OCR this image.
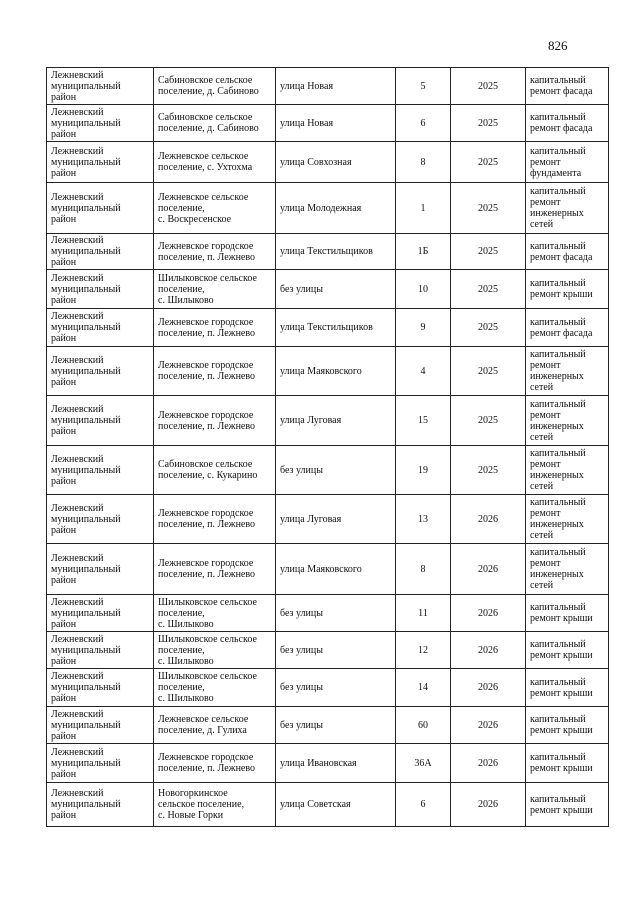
826
Лежневский
муниципальный
район	Сабиновское сельское
поселение, д. Сабиново	улица Новая	5	2025	капитальный
ремонт фасада
Лежневский
муниципальный
район	Сабиновское сельское
поселение, д. Сабиново	улица Новая	6	2025	капитальный
ремонт фасада
Лежневский
муниципальный
район	Лежневское сельское
поселение, с. Ухтохма	улица Совхозная	8	2025	капитальный
ремонт
фундамента
Лежневский
муниципальный
район	Лежневское сельское
поселение,
с. Воскресенское	улица Молодежная	1	2025	капитальный
ремонт
инженерных
сетей
Лежневский
муниципальный
район	Лежневское городское
поселение, п. Лежнево	улица Текстильщиков	1Б	2025	капитальный
ремонт фасада
Лежневский
муниципальный
район	Шилыковское сельское
поселение,
с. Шилыково	без улицы	10	2025	капитальный
ремонт крыши
Лежневский
муниципальный
район	Лежневское городское
поселение, п. Лежнево	улица Текстильщиков	9	2025	капитальный
ремонт фасада
Лежневский
муниципальный
район	Лежневское городское
поселение, п. Лежнево	улица Маяковского	4	2025	капитальный
ремонт
инженерных
сетей
Лежневский
муниципальный
район	Лежневское городское
поселение, п. Лежнево	улица Луговая	15	2025	капитальный
ремонт
инженерных
сетей
Лежневский
муниципальный
район	Сабиновское сельское
поселение, с. Кукарино	без улицы	19	2025	капитальный
ремонт
инженерных
сетей
Лежневский
муниципальный
район	Лежневское городское
поселение, п. Лежнево	улица Луговая	13	2026	капитальный
ремонт
инженерных
сетей
Лежневский
муниципальный
район	Лежневское городское
поселение, п. Лежнево	улица Маяковского	8	2026	капитальный
ремонт
инженерных
сетей
Лежневский
муниципальный
район	Шилыковское сельское
поселение,
с. Шилыково	без улицы	11	2026	капитальный
ремонт крыши
Лежневский
муниципальный
район	Шилыковское сельское
поселение,
с. Шилыково	без улицы	12	2026	капитальный
ремонт крыши
Лежневский
муниципальный
район	Шилыковское сельское
поселение,
с. Шилыково	без улицы	14	2026	капитальный
ремонт крыши
Лежневский
муниципальный
район	Лежневское сельское
поселение, д. Гулиха	без улицы	60	2026	капитальный
ремонт крыши
Лежневский
муниципальный
район	Лежневское городское
поселение, п. Лежнево	улица Ивановская	36А	2026	капитальный
ремонт крыши
Лежневский
муниципальный
район	Новогоркинское
сельское поселение,
с. Новые Горки	улица Советская	6	2026	капитальный
ремонт крыши
